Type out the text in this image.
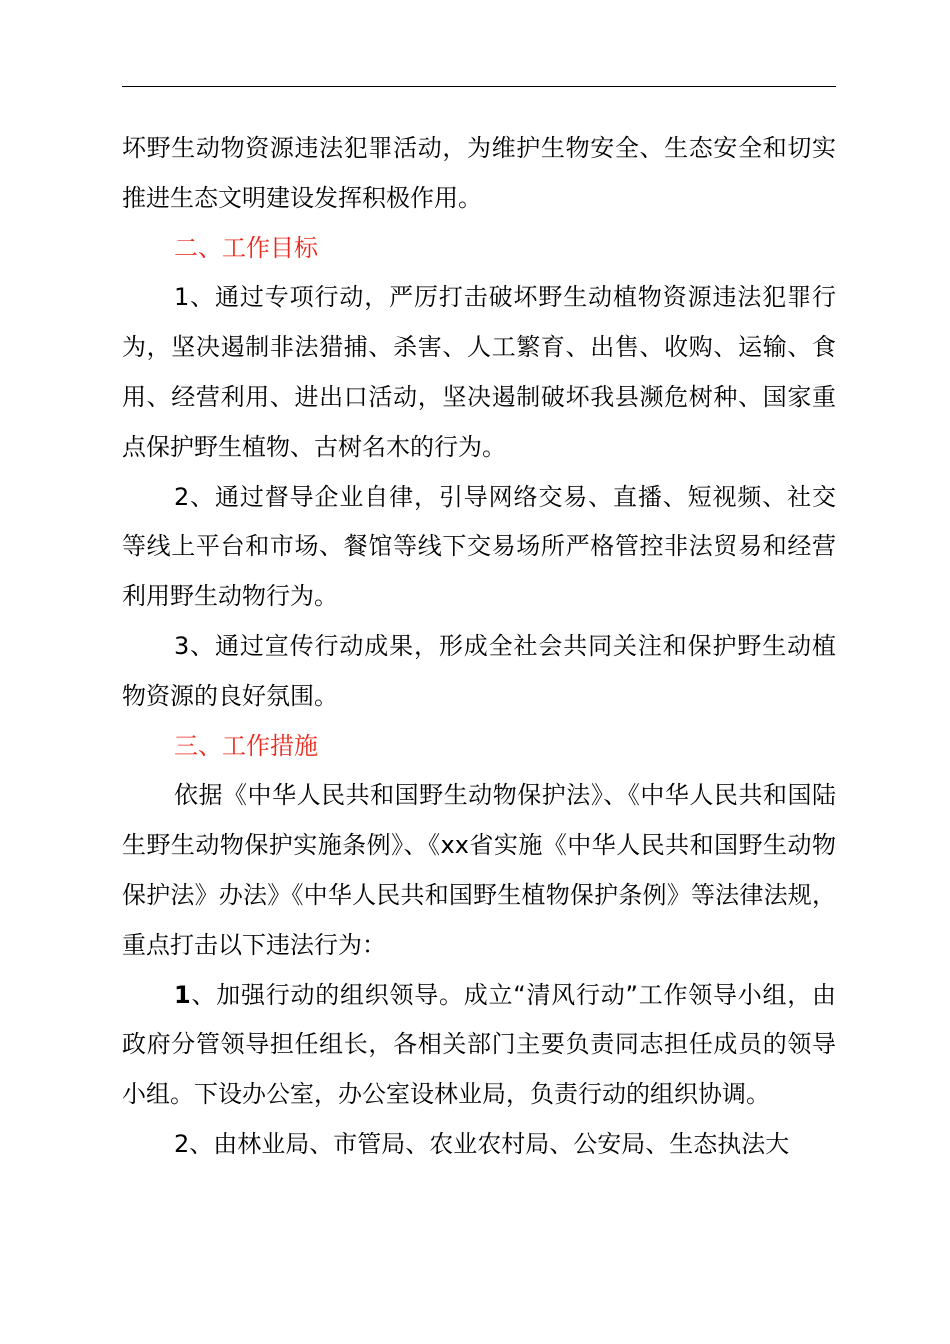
坏野生动物资源违法犯罪活动，为维护生物安全、生态安全和切实推进生态文明建设发挥积极作用。

二、工作目标

1、通过专项行动，严厉打击破坏野生动植物资源违法犯罪行为，坚决遏制非法猎捕、杀害、人工繁育、出售、收购、运输、食用、经营利用、进出口活动，坚决遏制破坏我县濒危树种、国家重点保护野生植物、古树名木的行为。

2、通过督导企业自律，引导网络交易、直播、短视频、社交等线上平台和市场、餐馆等线下交易场所严格管控非法贸易和经营利用野生动物行为。

3、通过宣传行动成果，形成全社会共同关注和保护野生动植物资源的良好氛围。

三、工作措施

依据《中华人民共和国野生动物保护法》、《中华人民共和国陆生野生动物保护实施条例》、《xx省实施《中华人民共和国野生动物保护法》办法》《中华人民共和国野生植物保护条例》等法律法规，重点打击以下违法行为：

1、加强行动的组织领导。成立“清风行动”工作领导小组，由政府分管领导担任组长，各相关部门主要负责同志担任成员的领导小组。下设办公室，办公室设林业局，负责行动的组织协调。

2、由林业局、市管局、农业农村局、公安局、生态执法大
